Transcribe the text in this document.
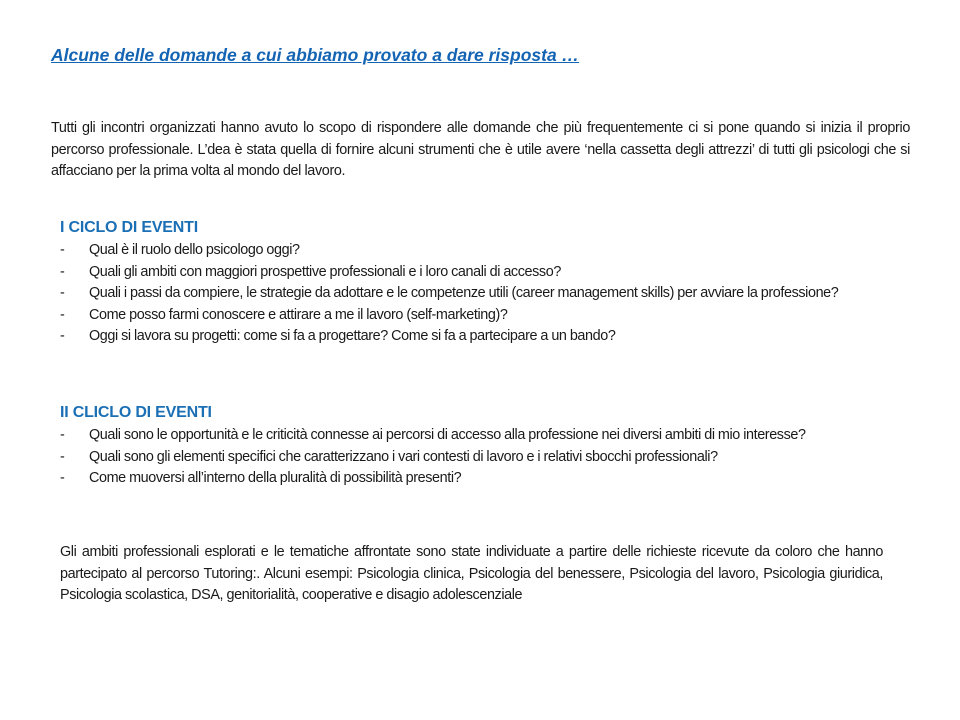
Alcune delle domande a cui abbiamo provato a dare risposta …
Tutti gli incontri organizzati hanno avuto lo scopo di rispondere alle domande che più frequentemente ci si pone quando si inizia il proprio percorso professionale. L’dea è stata quella di fornire alcuni strumenti che è utile avere ‘nella cassetta degli attrezzi’ di tutti gli psicologi che si affacciano per la prima volta al mondo del lavoro.
I CICLO DI EVENTI
- Qual è il ruolo dello psicologo oggi?
- Quali gli ambiti con maggiori prospettive professionali e i loro canali di accesso?
- Quali i passi da compiere, le strategie da adottare e le competenze utili (career management skills) per avviare la professione?
- Come posso farmi conoscere e attirare a me il lavoro (self-marketing)?
- Oggi si lavora su progetti: come si fa a progettare? Come si fa a partecipare a un bando?
II CLICLO DI EVENTI
- Quali sono le opportunità e le criticità connesse ai percorsi di accesso alla professione nei diversi ambiti di mio interesse?
- Quali sono gli elementi specifici che caratterizzano i vari contesti di lavoro e i relativi sbocchi professionali?
- Come muoversi all’interno della pluralità di possibilità presenti?
Gli ambiti professionali esplorati e le tematiche affrontate sono state individuate a partire delle richieste ricevute da coloro che hanno partecipato al percorso Tutoring:. Alcuni esempi: Psicologia clinica, Psicologia del benessere, Psicologia del lavoro, Psicologia giuridica, Psicologia scolastica, DSA, genitorialità, cooperative e disagio adolescenziale
